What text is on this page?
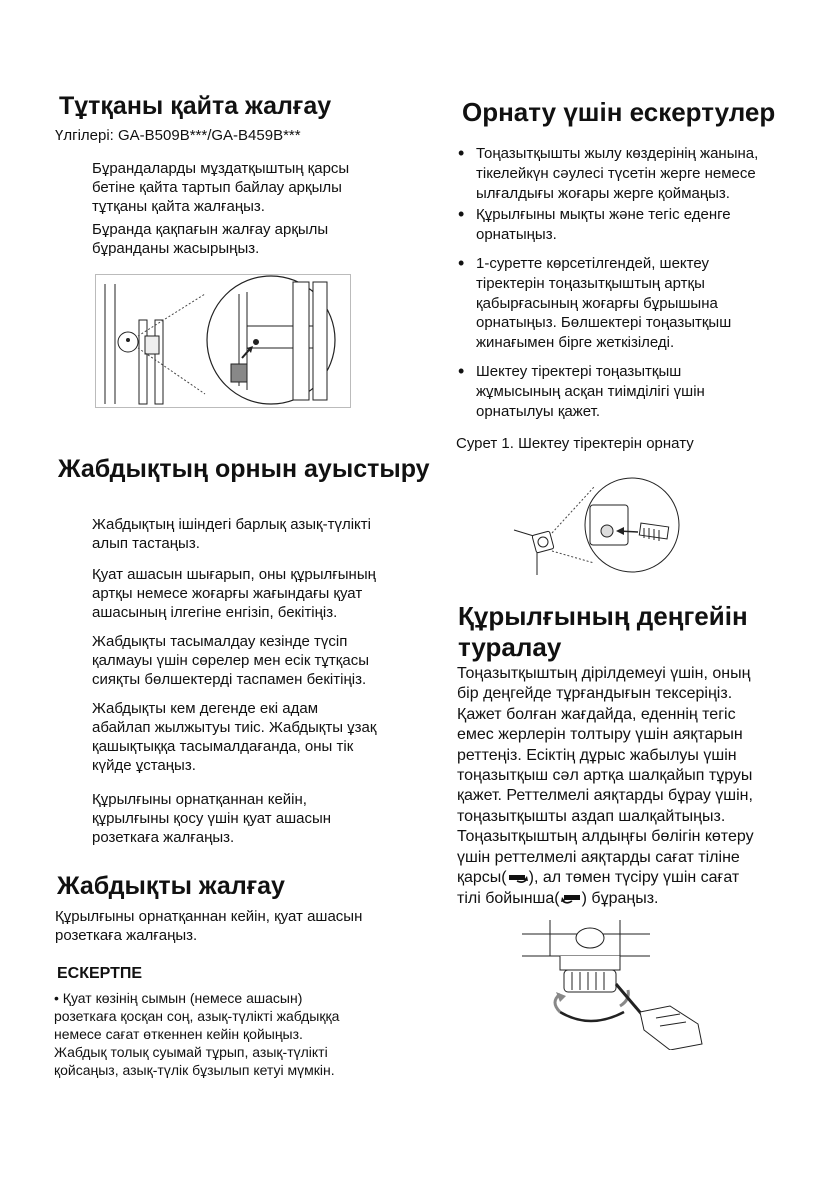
Тұтқаны қайта жалғау

Үлгілері: GA-B509B***/GA-B459B***

Бұрандаларды мұздатқыштың қарсы
бетіне қайта тартып байлау арқылы
тұтқаны қайта жалғаңыз.

Бұранда қақпағын жалғау арқылы
бұранданы жасырыңыз.

Жабдықтың орнын ауыстыру

Жабдықтың ішіндегі барлық азық-түлікті
алып тастаңыз.

Қуат ашасын шығарып, оны құрылғының
артқы немесе жоғарғы жағындағы қуат
ашасының ілгегіне енгізіп, бекітіңіз.

Жабдықты тасымалдау кезінде түсіп
қалмауы үшін сөрелер мен есік тұтқасы
сияқты бөлшектерді таспамен бекітіңіз.

Жабдықты кем дегенде екі адам
абайлап жылжытуы тиіс. Жабдықты ұзақ
қашықтыққа тасымалдағанда, оны тік
күйде ұстаңыз.

Құрылғыны орнатқаннан кейін,
құрылғыны қосу үшін қуат ашасын
розеткаға жалғаңыз.

Жабдықты жалғау

Құрылғыны орнатқаннан кейін, қуат ашасын
розеткаға жалғаңыз.

ЕСКЕРТПЕ

• Қуат көзінің сымын (немесе ашасын)
розеткаға қосқан соң, азық-түлікті жабдыққа
немесе сағат өткеннен кейін қойыңыз.
Жабдық толық суымай тұрып, азық-түлікті
қойсаңыз, азық-түлік бұзылып кетуі мүмкін.

Орнату үшін ескертулер
• Тоңазытқышты жылу көздерінің жанына,
тікелейкүн сәулесі түсетін жерге немесе
ылғалдығы жоғары жерге қоймаңыз.
• Құрылғыны мықты және тегіс еденге
орнатыңыз.
• 1-суретте көрсетілгендей, шектеу
тіректерін тоңазытқыштың артқы
қабырғасының жоғарғы бұрышына
орнатыңыз. Бөлшектері тоңазытқыш
жинағымен бірге жеткізіледі.
• Шектеу тіректері тоңазытқыш
жұмысының асқан тиімділігі үшін
орнатылуы қажет.

Сурет 1. Шектеу тіректерін орнату

Құрылғының деңгейін туралау

Тоңазытқыштың дірілдемеуі үшін, оның
бір деңгейде тұрғандығын тексеріңіз.
Қажет болған жағдайда, еденнің тегіс
емес жерлерін толтыру үшін аяқтарын
реттеңіз. Есіктің дұрыс жабылуы үшін
тоңазытқыш сәл артқа шалқайып тұруы
қажет. Реттелмелі аяқтарды бұрау үшін,
тоңазытқышты аздап шалқайтыңыз.
Тоңазытқыштың алдыңғы бөлігін көтеру
үшін реттелмелі аяқтарды сағат тіліне

қарсы( ), ал төмен түсіру үшін сағат

тілі бойынша( ) бұраңыз.
